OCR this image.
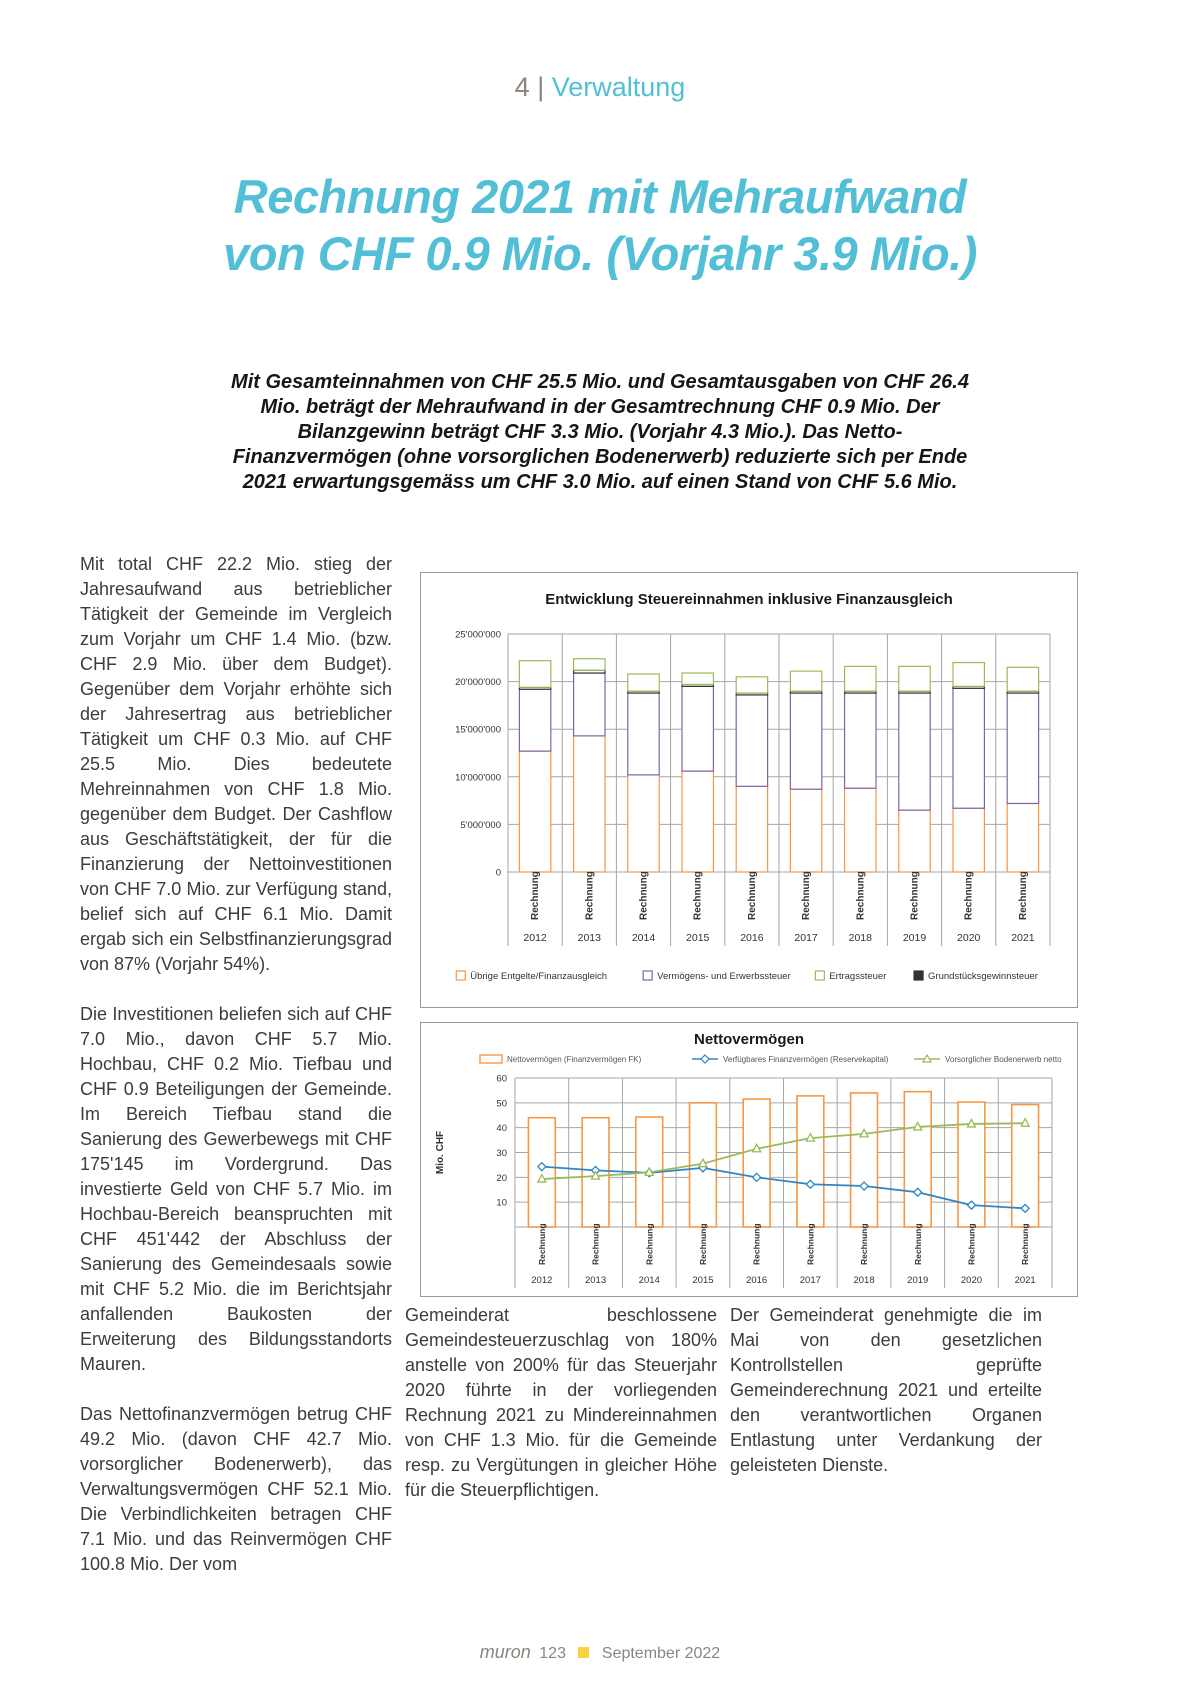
4 | Verwaltung
Rechnung 2021 mit Mehraufwand
von CHF 0.9 Mio. (Vorjahr 3.9 Mio.)

Mit Gesamteinnahmen von CHF 25.5 Mio. und Gesamtausgaben von CHF 26.4 Mio. beträgt der Mehraufwand in der Gesamtrechnung CHF 0.9 Mio. Der Bilanzgewinn beträgt CHF 3.3 Mio. (Vorjahr 4.3 Mio.). Das Netto-Finanzvermögen (ohne vorsorglichen Bodenerwerb) reduzierte sich per Ende 2021 erwartungsgemäss um CHF 3.0 Mio. auf einen Stand von CHF 5.6 Mio.

Mit total CHF 22.2 Mio. stieg der Jahresaufwand aus betrieblicher Tätigkeit der Gemeinde im Vergleich zum Vorjahr um CHF 1.4 Mio. (bzw. CHF 2.9 Mio. über dem Budget). Gegenüber dem Vorjahr erhöhte sich der Jahresertrag aus betrieblicher Tätigkeit um CHF 0.3 Mio. auf CHF 25.5 Mio. Dies bedeutete Mehreinnahmen von CHF 1.8 Mio. gegenüber dem Budget. Der Cashflow aus Geschäftstätigkeit, der für die Finanzierung der Nettoinvestitionen von CHF 7.0 Mio. zur Verfügung stand, belief sich auf CHF 6.1 Mio. Damit ergab sich ein Selbstfinanzierungsgrad von 87% (Vorjahr 54%).

Die Investitionen beliefen sich auf CHF 7.0 Mio., davon CHF 5.7 Mio. Hochbau, CHF 0.2 Mio. Tiefbau und CHF 0.9 Beteiligungen der Gemeinde. Im Bereich Tiefbau stand die Sanierung des Gewerbewegs mit CHF 175'145 im Vordergrund. Das investierte Geld von CHF 5.7 Mio. im Hochbau-Bereich beanspruchten mit CHF 451'442 der Abschluss der Sanierung des Gemeindesaals sowie mit CHF 5.2 Mio. die im Berichtsjahr anfallenden Baukosten der Erweiterung des Bildungsstandorts Mauren.

Das Nettofinanzvermögen betrug CHF 49.2 Mio. (davon CHF 42.7 Mio. vorsorglicher Bodenerwerb), das Verwaltungsvermögen CHF 52.1 Mio. Die Verbindlichkeiten betragen CHF 7.1 Mio. und das Reinvermögen CHF 100.8 Mio. Der vom

Entwicklung Steuereinnahmen inklusive Finanzausgleich
0
5'000'000
10'000'000
15'000'000
20'000'000
25'000'000
Rechnung
2012
Rechnung
2013
Rechnung
2014
Rechnung
2015
Rechnung
2016
Rechnung
2017
Rechnung
2018
Rechnung
2019
Rechnung
2020
Rechnung
2021
Übrige Entgelte/Finanzausgleich	Vermögens- und Erwerbssteuer	Ertragssteuer	Grundstücksgewinnsteuer
Nettovermögen
Nettovermögen (Finanzvermögen FK)	Verfügbares Finanzvermögen (Reservekapital)	Vorsorglicher Bodenerwerb netto
10
20
30
40
50
60
Mio. CHF
Rechnung
2012
Rechnung
2013
Rechnung
2014
Rechnung
2015
Rechnung
2016
Rechnung
2017
Rechnung
2018
Rechnung
2019
Rechnung
2020
Rechnung
2021

Gemeinderat beschlossene Gemeindesteuerzuschlag von 180% anstelle von 200% für das Steuerjahr 2020 führte in der vorliegenden Rechnung 2021 zu Mindereinnahmen von CHF 1.3 Mio. für die Gemeinde resp. zu Vergütungen in gleicher Höhe für die Steuerpflichtigen.

Der Gemeinderat genehmigte die im Mai von den gesetzlichen Kontrollstellen geprüfte Gemeinderechnung 2021 und erteilte den verantwortlichen Organen Entlastung unter Verdankung der geleisteten Dienste.

muron 123 September 2022
